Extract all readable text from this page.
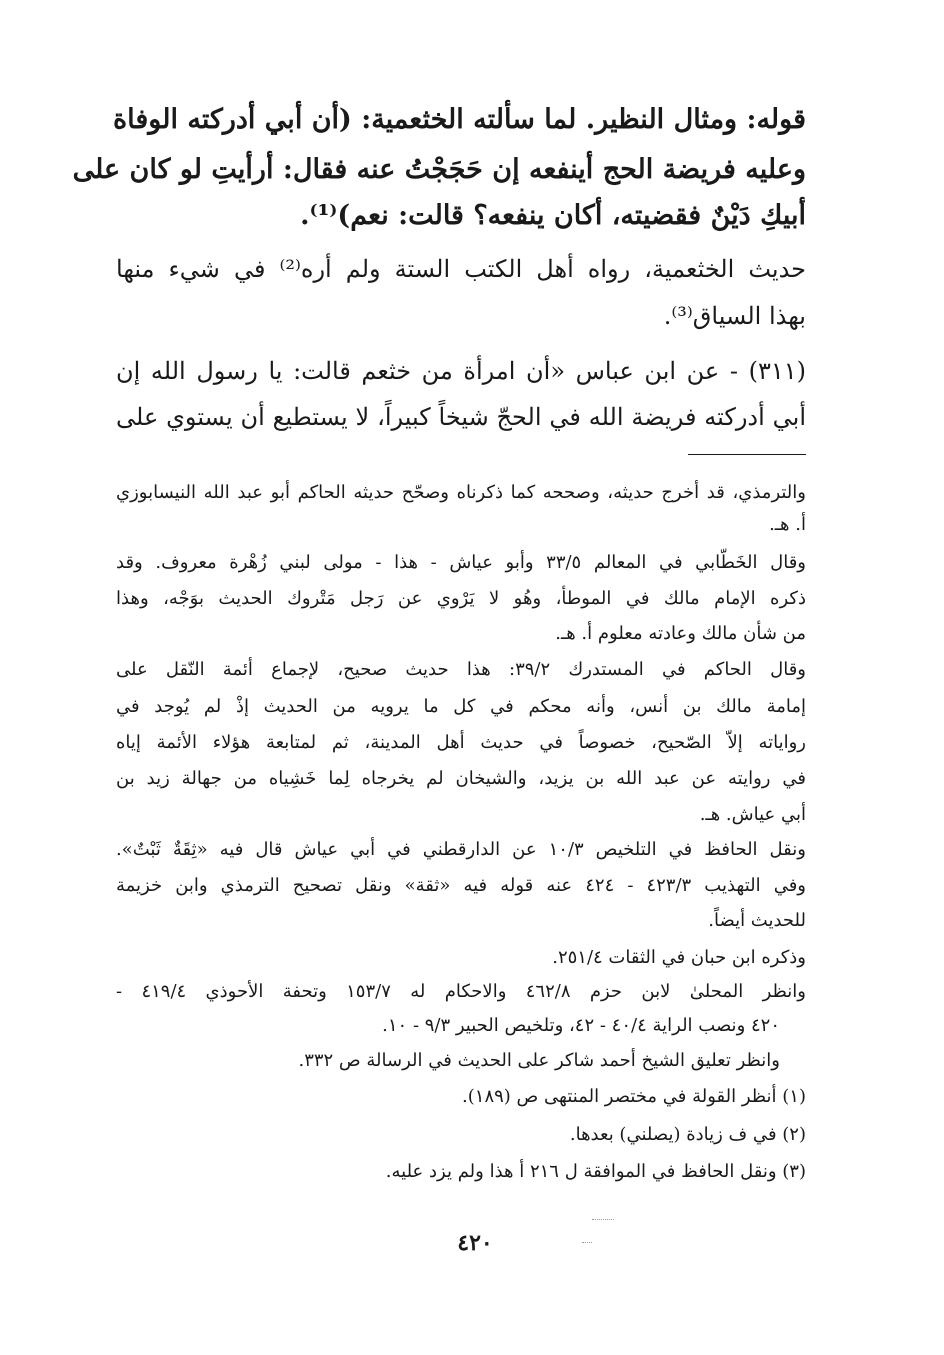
قوله: ومثال النظير. لما سألته الخثعمية: (أن أبي أدركته الوفاة

وعليه فريضة الحج أينفعه إن حَجَجْتُ عنه فقال: أرأيتِ لو كان على

أبيكِ دَيْنٌ فقضيته، أكان ينفعه؟ قالت: نعم)⁽¹⁾.

حديث الخثعمية، رواه أهل الكتب الستة ولم أره⁽²⁾ في شيء منها

بهذا السياق⁽³⁾.

(٣١١) - عن ابن عباس «أن امرأة من خثعم قالت: يا رسول الله إن

أبي أدركته فريضة الله في الحجّ شيخاً كبيراً، لا يستطيع أن يستوي على

والترمذي، قد أخرج حديثه، وصححه كما ذكرناه وصحّح حديثه الحاكم أبو عبد الله النيسابوزي

أ. هـ.

وقال الخَطّابي في المعالم ٣٣/٥ وأبو عياش - هذا - مولى لبني زُهْرة معروف. وقد

ذكره الإمام مالك في الموطأ، وهُو لا يَرْوي عن رَجل مَتْروك الحديث بوَجْه، وهذا

من شأن مالك وعادته معلوم أ. هـ.

وقال الحاكم في المستدرك ٣٩/٢: هذا حديث صحيح، لإجماع أئمة النّقل على

إمامة مالك بن أنس، وأنه محكم في كل ما يرويه من الحديث إذْ لم يُوجد في

رواياته إلاّ الصّحيح، خصوصاً في حديث أهل المدينة، ثم لمتابعة هؤلاء الأئمة إياه

في روايته عن عبد الله بن يزيد، والشيخان لم يخرجاه لِما خَشِياه من جهالة زيد بن

أبي عياش. هـ.

ونقل الحافظ في التلخيص ١٠/٣ عن الدارقطني في أبي عياش قال فيه «ثِقَةٌ ثَبْتٌ».

وفي التهذيب ٤٢٣/٣ - ٤٢٤ عنه قوله فيه «ثقة» ونقل تصحيح الترمذي وابن خزيمة

للحديث أيضاً.

وذكره ابن حبان في الثقات ٢٥١/٤.

وانظر المحلىٰ لابن حزم ٤٦٢/٨ والاحكام له ١٥٣/٧ وتحفة الأحوذي ٤١٩/٤ -

٤٢٠ ونصب الراية ٤٠/٤ - ٤٢، وتلخيص الحبير ٩/٣ - ١٠.

وانظر تعليق الشيخ أحمد شاكر على الحديث في الرسالة ص ٣٣٢.

(١) أنظر القولة في مختصر المنتهى ص (١٨٩).

(٢) في ف زيادة (يصلني) بعدها.

(٣) ونقل الحافظ في الموافقة ل ٢١٦ أ هذا ولم يزد عليه.

٤٢٠
